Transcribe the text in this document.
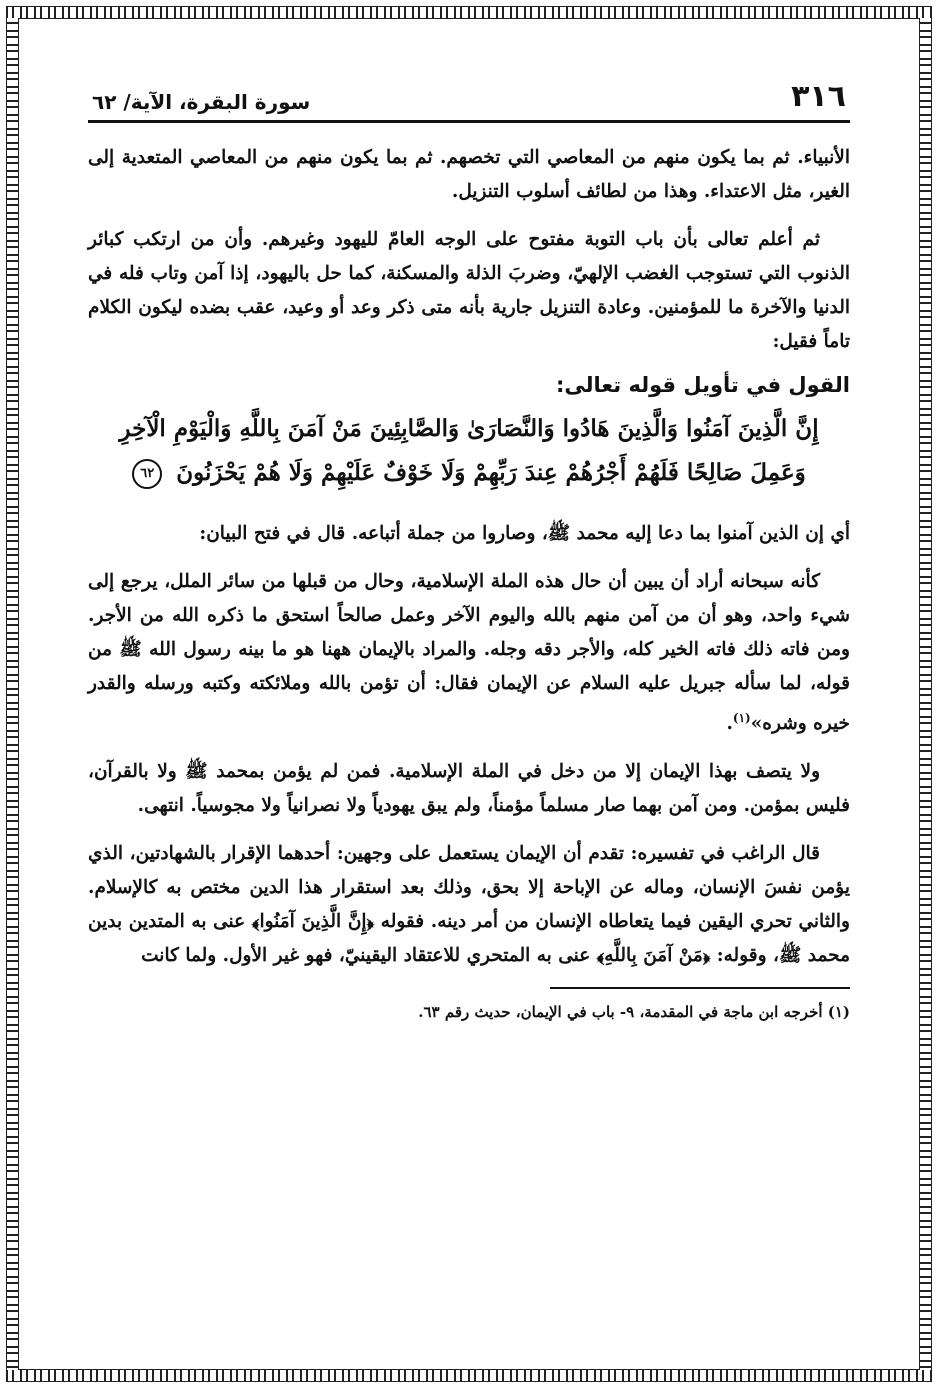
٣١٦
سورة البقرة، الآية/ ٦٢

الأنبياء. ثم بما يكون منهم من المعاصي التي تخصهم. ثم بما يكون منهم من المعاصي المتعدية إلى الغير، مثل الاعتداء. وهذا من لطائف أسلوب التنزيل.

ثم أعلم تعالى بأن باب التوبة مفتوح على الوجه العامّ لليهود وغيرهم. وأن من ارتكب كبائر الذنوب التي تستوجب الغضب الإلهيّ، وضربَ الذلة والمسكنة، كما حل باليهود، إذا آمن وتاب فله في الدنيا والآخرة ما للمؤمنين. وعادة التنزيل جارية بأنه متى ذكر وعد أو وعيد، عقب بضده ليكون الكلام تاماً فقيل:

القول في تأويل قوله تعالى:
إِنَّ الَّذِينَ آمَنُوا وَالَّذِينَ هَادُوا وَالنَّصَارَىٰ وَالصَّابِئِينَ مَنْ آمَنَ بِاللَّهِ وَالْيَوْمِ الْآخِرِ
وَعَمِلَ صَالِحًا فَلَهُمْ أَجْرُهُمْ عِندَ رَبِّهِمْ وَلَا خَوْفٌ عَلَيْهِمْ وَلَا هُمْ يَحْزَنُونَ ٦٢

أي إن الذين آمنوا بما دعا إليه محمد ﷺ، وصاروا من جملة أتباعه. قال في فتح البيان:

كأنه سبحانه أراد أن يبين أن حال هذه الملة الإسلامية، وحال من قبلها من سائر الملل، يرجع إلى شيء واحد، وهو أن من آمن منهم بالله واليوم الآخر وعمل صالحاً استحق ما ذكره الله من الأجر. ومن فاته ذلك فاته الخير كله، والأجر دقه وجله. والمراد بالإيمان ههنا هو ما بينه رسول الله ﷺ من قوله، لما سأله جبريل عليه السلام عن الإيمان فقال: أن تؤمن بالله وملائكته وكتبه ورسله والقدر خيره وشره»$^{(١)}$.

ولا يتصف بهذا الإيمان إلا من دخل في الملة الإسلامية. فمن لم يؤمن بمحمد ﷺ ولا بالقرآن، فليس بمؤمن. ومن آمن بهما صار مسلماً مؤمناً، ولم يبق يهودياً ولا نصرانياً ولا مجوسياً. انتهى.

قال الراغب في تفسيره: تقدم أن الإيمان يستعمل على وجهين: أحدهما الإقرار بالشهادتين، الذي يؤمن نفسَ الإنسان، وماله عن الإباحة إلا بحق، وذلك بعد استقرار هذا الدين مختص به كالإسلام. والثاني تحري اليقين فيما يتعاطاه الإنسان من أمر دينه. فقوله ﴿إِنَّ الَّذِينَ آمَنُوا﴾ عنى به المتدين بدين محمد ﷺ، وقوله: ﴿مَنْ آمَنَ بِاللَّهِ﴾ عنى به المتحري للاعتقاد اليقينيّ، فهو غير الأول. ولما كانت

(١) أخرجه ابن ماجة في المقدمة، ٩- باب في الإيمان، حديث رقم ٦٣.
